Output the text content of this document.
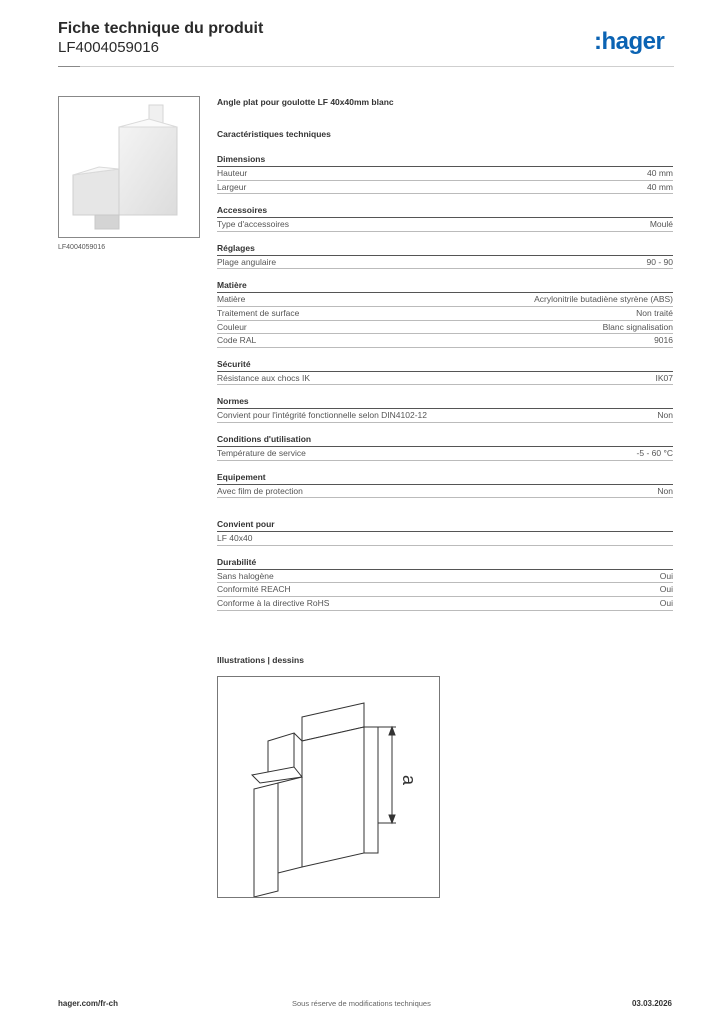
Fiche technique du produit
LF4004059016	:hager
LF4004059016
Angle plat pour goulotte LF 40x40mm blanc
Caractéristiques techniques
Dimensions
Hauteur	40 mm
Largeur	40 mm
Accessoires
Type d'accessoires	Moulé
Réglages
Plage angulaire	90 - 90
Matière
Matière	Acrylonitrile butadiène styrène (ABS)
Traitement de surface	Non traité
Couleur	Blanc signalisation
Code RAL	9016
Sécurité
Résistance aux chocs IK	IK07
Normes
Convient pour l'intégrité fonctionnelle selon DIN4102-12	Non
Conditions d'utilisation
Température de service	-5 - 60 °C
Equipement
Avec film de protection	Non
Convient pour
LF 40x40
Durabilité
Sans halogène	Oui
Conformité REACH	Oui
Conforme à la directive RoHS	Oui
Illustrations | dessins
a
hager.com/fr-ch	Sous réserve de modifications techniques	03.03.2026
